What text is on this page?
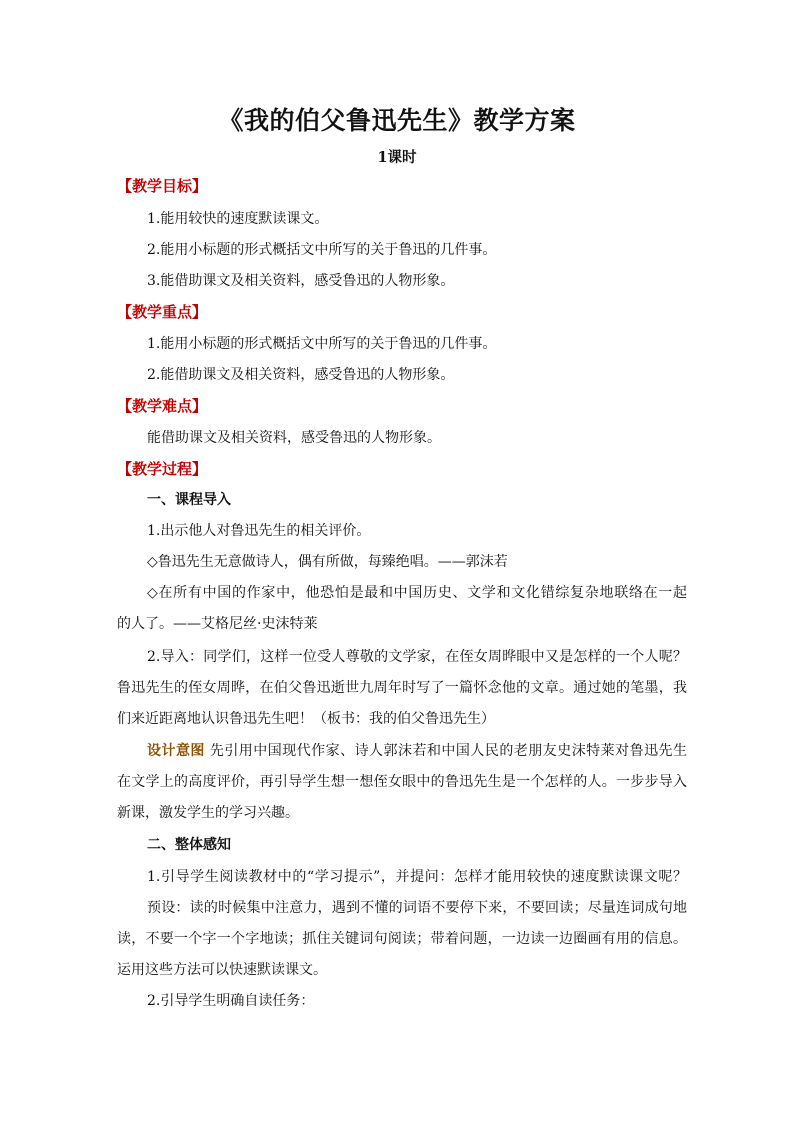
《我的伯父鲁迅先生》教学方案

1课时

【教学目标】

1.能用较快的速度默读课文。

2.能用小标题的形式概括文中所写的关于鲁迅的几件事。

3.能借助课文及相关资料，感受鲁迅的人物形象。

【教学重点】

1.能用小标题的形式概括文中所写的关于鲁迅的几件事。

2.能借助课文及相关资料，感受鲁迅的人物形象。

【教学难点】

能借助课文及相关资料，感受鲁迅的人物形象。

【教学过程】

一、课程导入

1.出示他人对鲁迅先生的相关评价。

◇鲁迅先生无意做诗人，偶有所做，每臻绝唱。——郭沫若

◇在所有中国的作家中，他恐怕是最和中国历史、文学和文化错综复杂地联络在一起

的人了。——艾格尼丝·史沫特莱

2.导入：同学们，这样一位受人尊敬的文学家，在侄女周晔眼中又是怎样的一个人呢？

鲁迅先生的侄女周晔，在伯父鲁迅逝世九周年时写了一篇怀念他的文章。通过她的笔墨，我

们来近距离地认识鲁迅先生吧！（板书：我的伯父鲁迅先生）

设计意图 先引用中国现代作家、诗人郭沫若和中国人民的老朋友史沫特莱对鲁迅先生

在文学上的高度评价，再引导学生想一想侄女眼中的鲁迅先生是一个怎样的人。一步步导入

新课，激发学生的学习兴趣。

二、整体感知

1.引导学生阅读教材中的“学习提示”，并提问：怎样才能用较快的速度默读课文呢？

预设：读的时候集中注意力，遇到不懂的词语不要停下来，不要回读；尽量连词成句地

读，不要一个字一个字地读；抓住关键词句阅读；带着问题，一边读一边圈画有用的信息。

运用这些方法可以快速默读课文。

2.引导学生明确自读任务：
